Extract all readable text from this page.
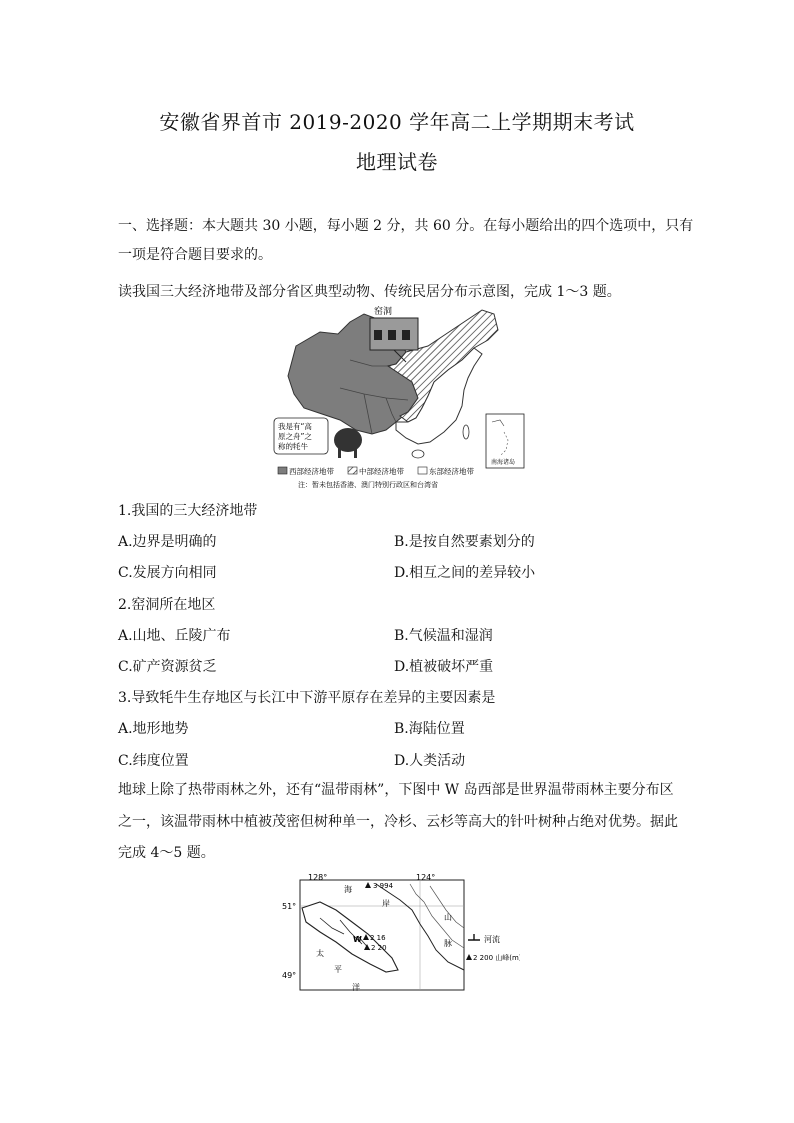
安徽省界首市 2019-2020 学年高二上学期期末考试
地理试卷
一、选择题：本大题共 30 小题，每小题 2 分，共 60 分。在每小题给出的四个选项中，只有
一项是符合题目要求的。
读我国三大经济地带及部分省区典型动物、传统民居分布示意图，完成 1～3 题。
窑洞
我是有“高
原之舟”之
称的牦牛
南海诸岛
西部经济地带	中部经济地带	东部经济地带
注：暂未包括香港、澳门特别行政区和台湾省
1.我国的三大经济地带
A.边界是明确的	B.是按自然要素划分的
C.发展方向相同	D.相互之间的差异较小
2.窑洞所在地区
A.山地、丘陵广布	B.气候温和湿润
C.矿产资源贫乏	D.植被破坏严重
3.导致牦牛生存地区与长江中下游平原存在差异的主要因素是
A.地形地势	B.海陆位置
C.纬度位置	D.人类活动
地球上除了热带雨林之外，还有“温带雨林”，下图中 W 岛西部是世界温带雨林主要分布区
之一，该温带雨林中植被茂密但树种单一，冷杉、云杉等高大的针叶树种占绝对优势。据此
完成 4～5 题。
3 994
2 16
2 20
W
128°	124°
51°
49°
海
岸
山
脉
太
平
洋
河流
2 200 山峰(m)
